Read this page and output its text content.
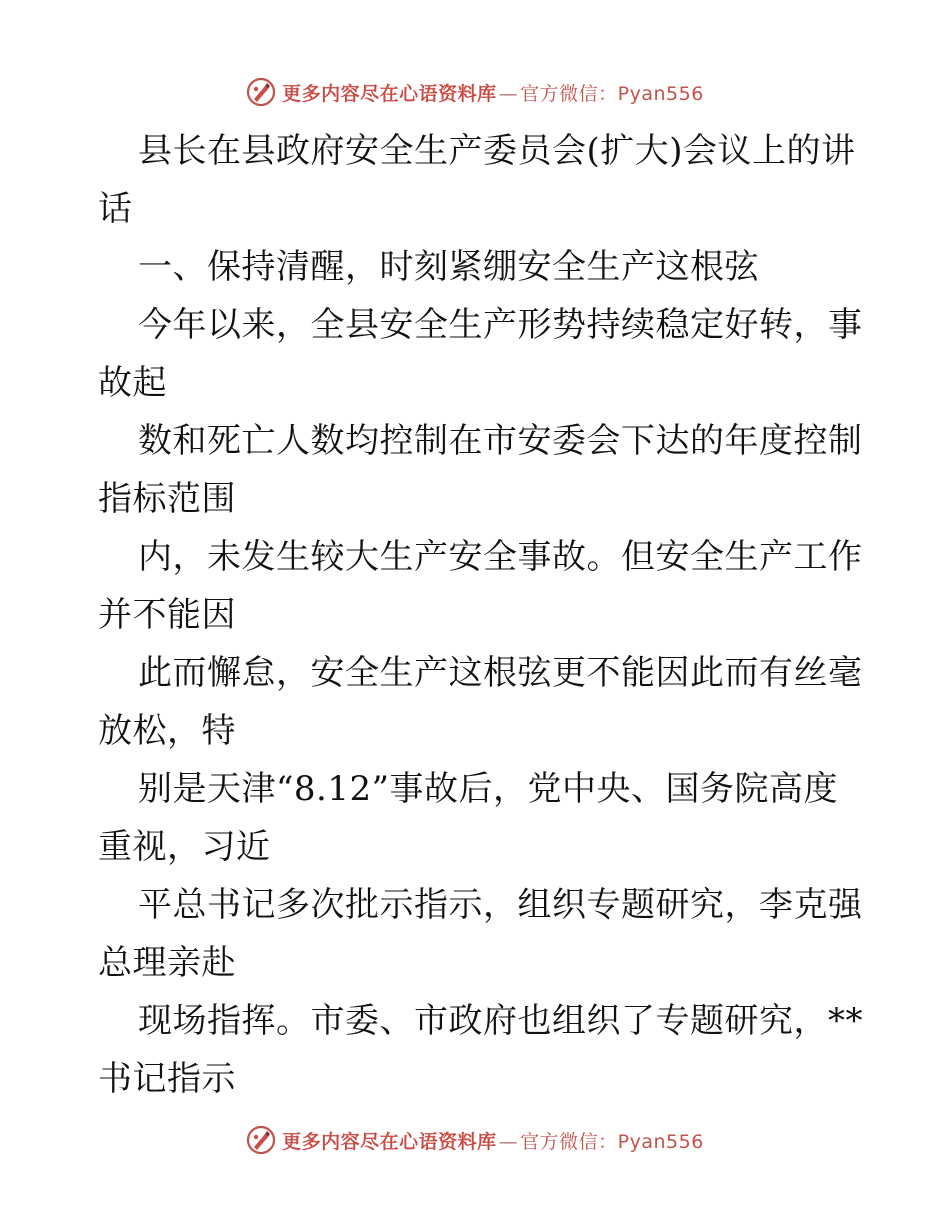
更多内容尽在心语资料库 — 官方微信：Pyan556
县长在县政府安全生产委员会(扩大)会议上的讲
话
一、保持清醒，时刻紧绷安全生产这根弦
今年以来，全县安全生产形势持续稳定好转，事
故起
数和死亡人数均控制在市安委会下达的年度控制
指标范围
内，未发生较大生产安全事故。但安全生产工作
并不能因
此而懈怠，安全生产这根弦更不能因此而有丝毫
放松，特
别是天津“8.12”事故后，党中央、国务院高度
重视，习近
平总书记多次批示指示，组织专题研究，李克强
总理亲赴
现场指挥。市委、市政府也组织了专题研究，**
书记指示
更多内容尽在心语资料库 — 官方微信：Pyan556
